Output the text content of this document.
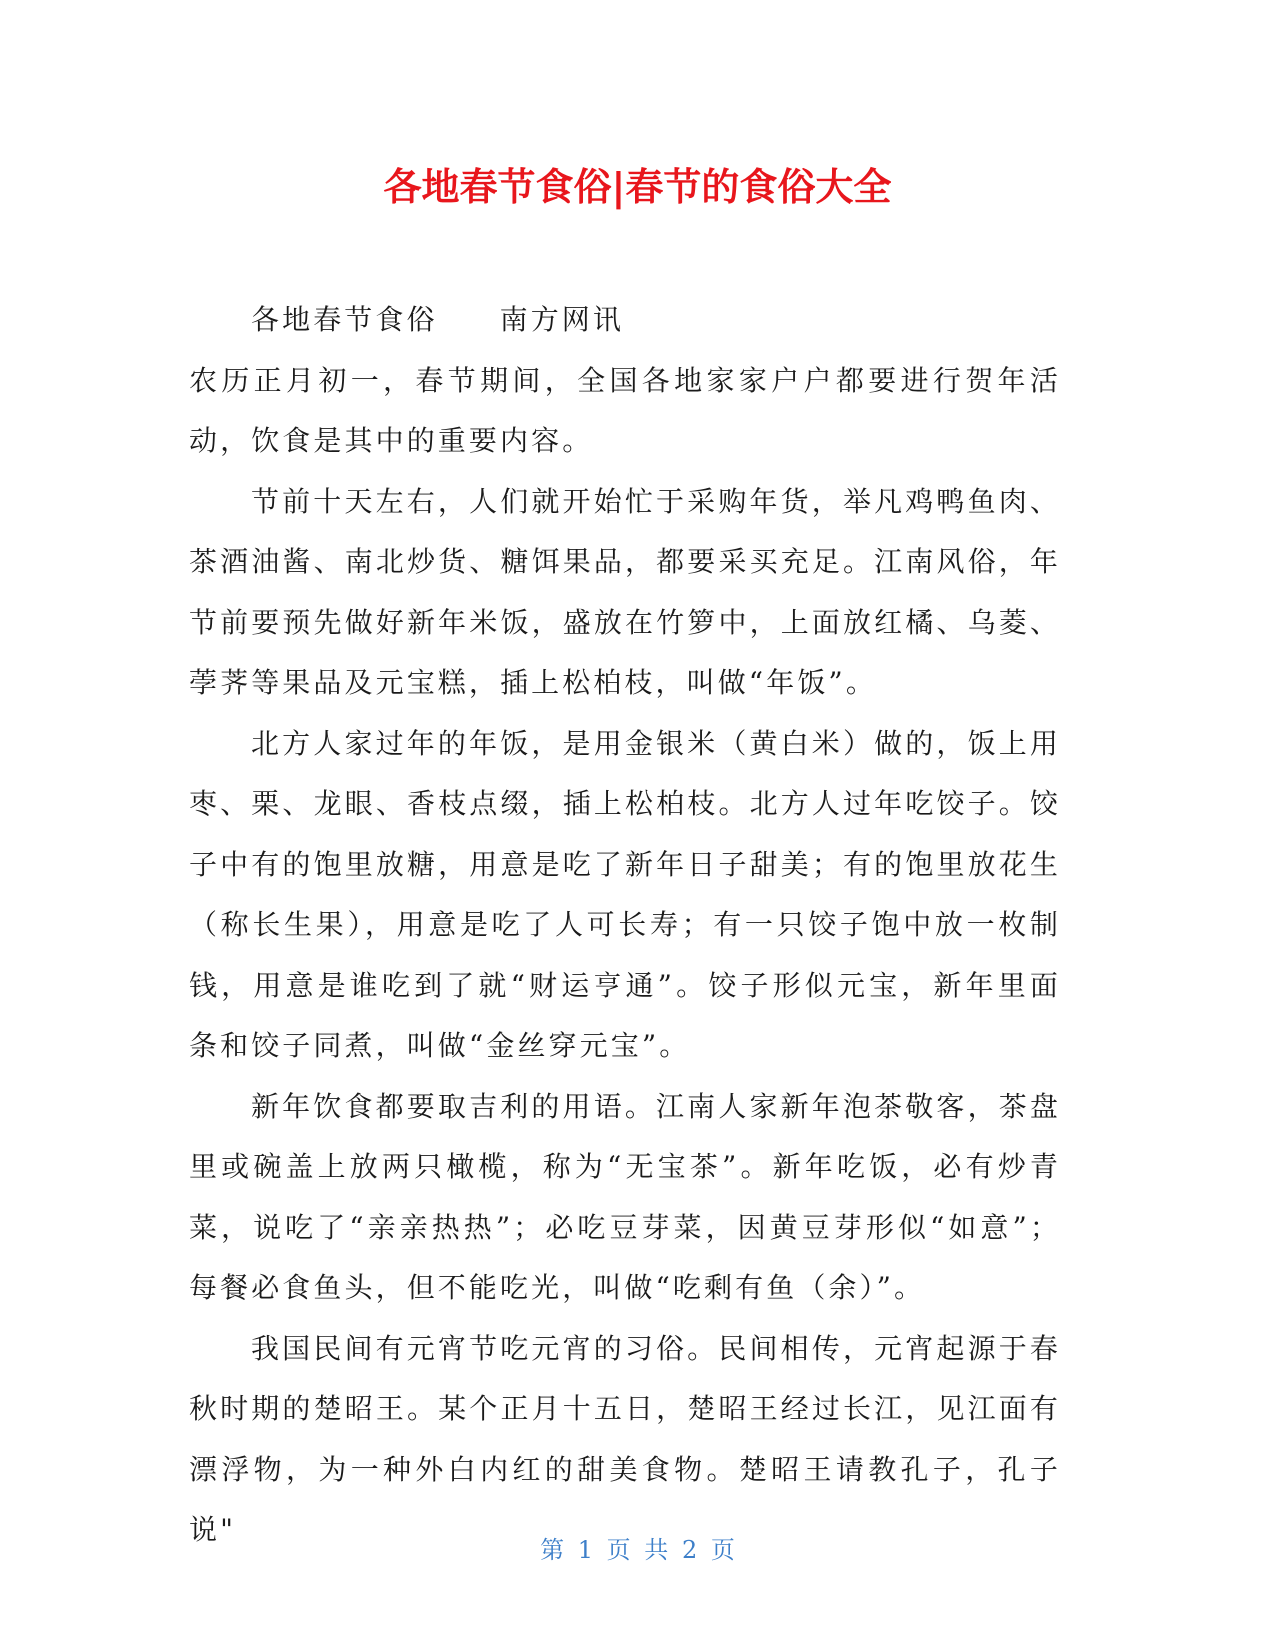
各地春节食俗|春节的食俗大全

各地春节食俗 南方网讯

农历正月初一，春节期间，全国各地家家户户都要进行贺年活动，饮食是其中的重要内容。

节前十天左右，人们就开始忙于采购年货，举凡鸡鸭鱼肉、茶酒油酱、南北炒货、糖饵果品，都要采买充足。江南风俗，年节前要预先做好新年米饭，盛放在竹箩中，上面放红橘、乌菱、荸荠等果品及元宝糕，插上松柏枝，叫做“年饭”。

北方人家过年的年饭，是用金银米（黄白米）做的，饭上用枣、栗、龙眼、香枝点缀，插上松柏枝。北方人过年吃饺子。饺子中有的饱里放糖，用意是吃了新年日子甜美；有的饱里放花生（称长生果），用意是吃了人可长寿；有一只饺子饱中放一枚制钱，用意是谁吃到了就“财运亨通”。饺子形似元宝，新年里面条和饺子同煮，叫做“金丝穿元宝”。

新年饮食都要取吉利的用语。江南人家新年泡茶敬客，茶盘里或碗盖上放两只橄榄，称为“无宝茶”。新年吃饭，必有炒青菜，说吃了“亲亲热热”；必吃豆芽菜，因黄豆芽形似“如意”；每餐必食鱼头，但不能吃光，叫做“吃剩有鱼（余）”。

我国民间有元宵节吃元宵的习俗。民间相传，元宵起源于春秋时期的楚昭王。某个正月十五日，楚昭王经过长江，见江面有漂浮物，为一种外白内红的甜美食物。楚昭王请教孔子，孔子说"

第 1 页 共 2 页
